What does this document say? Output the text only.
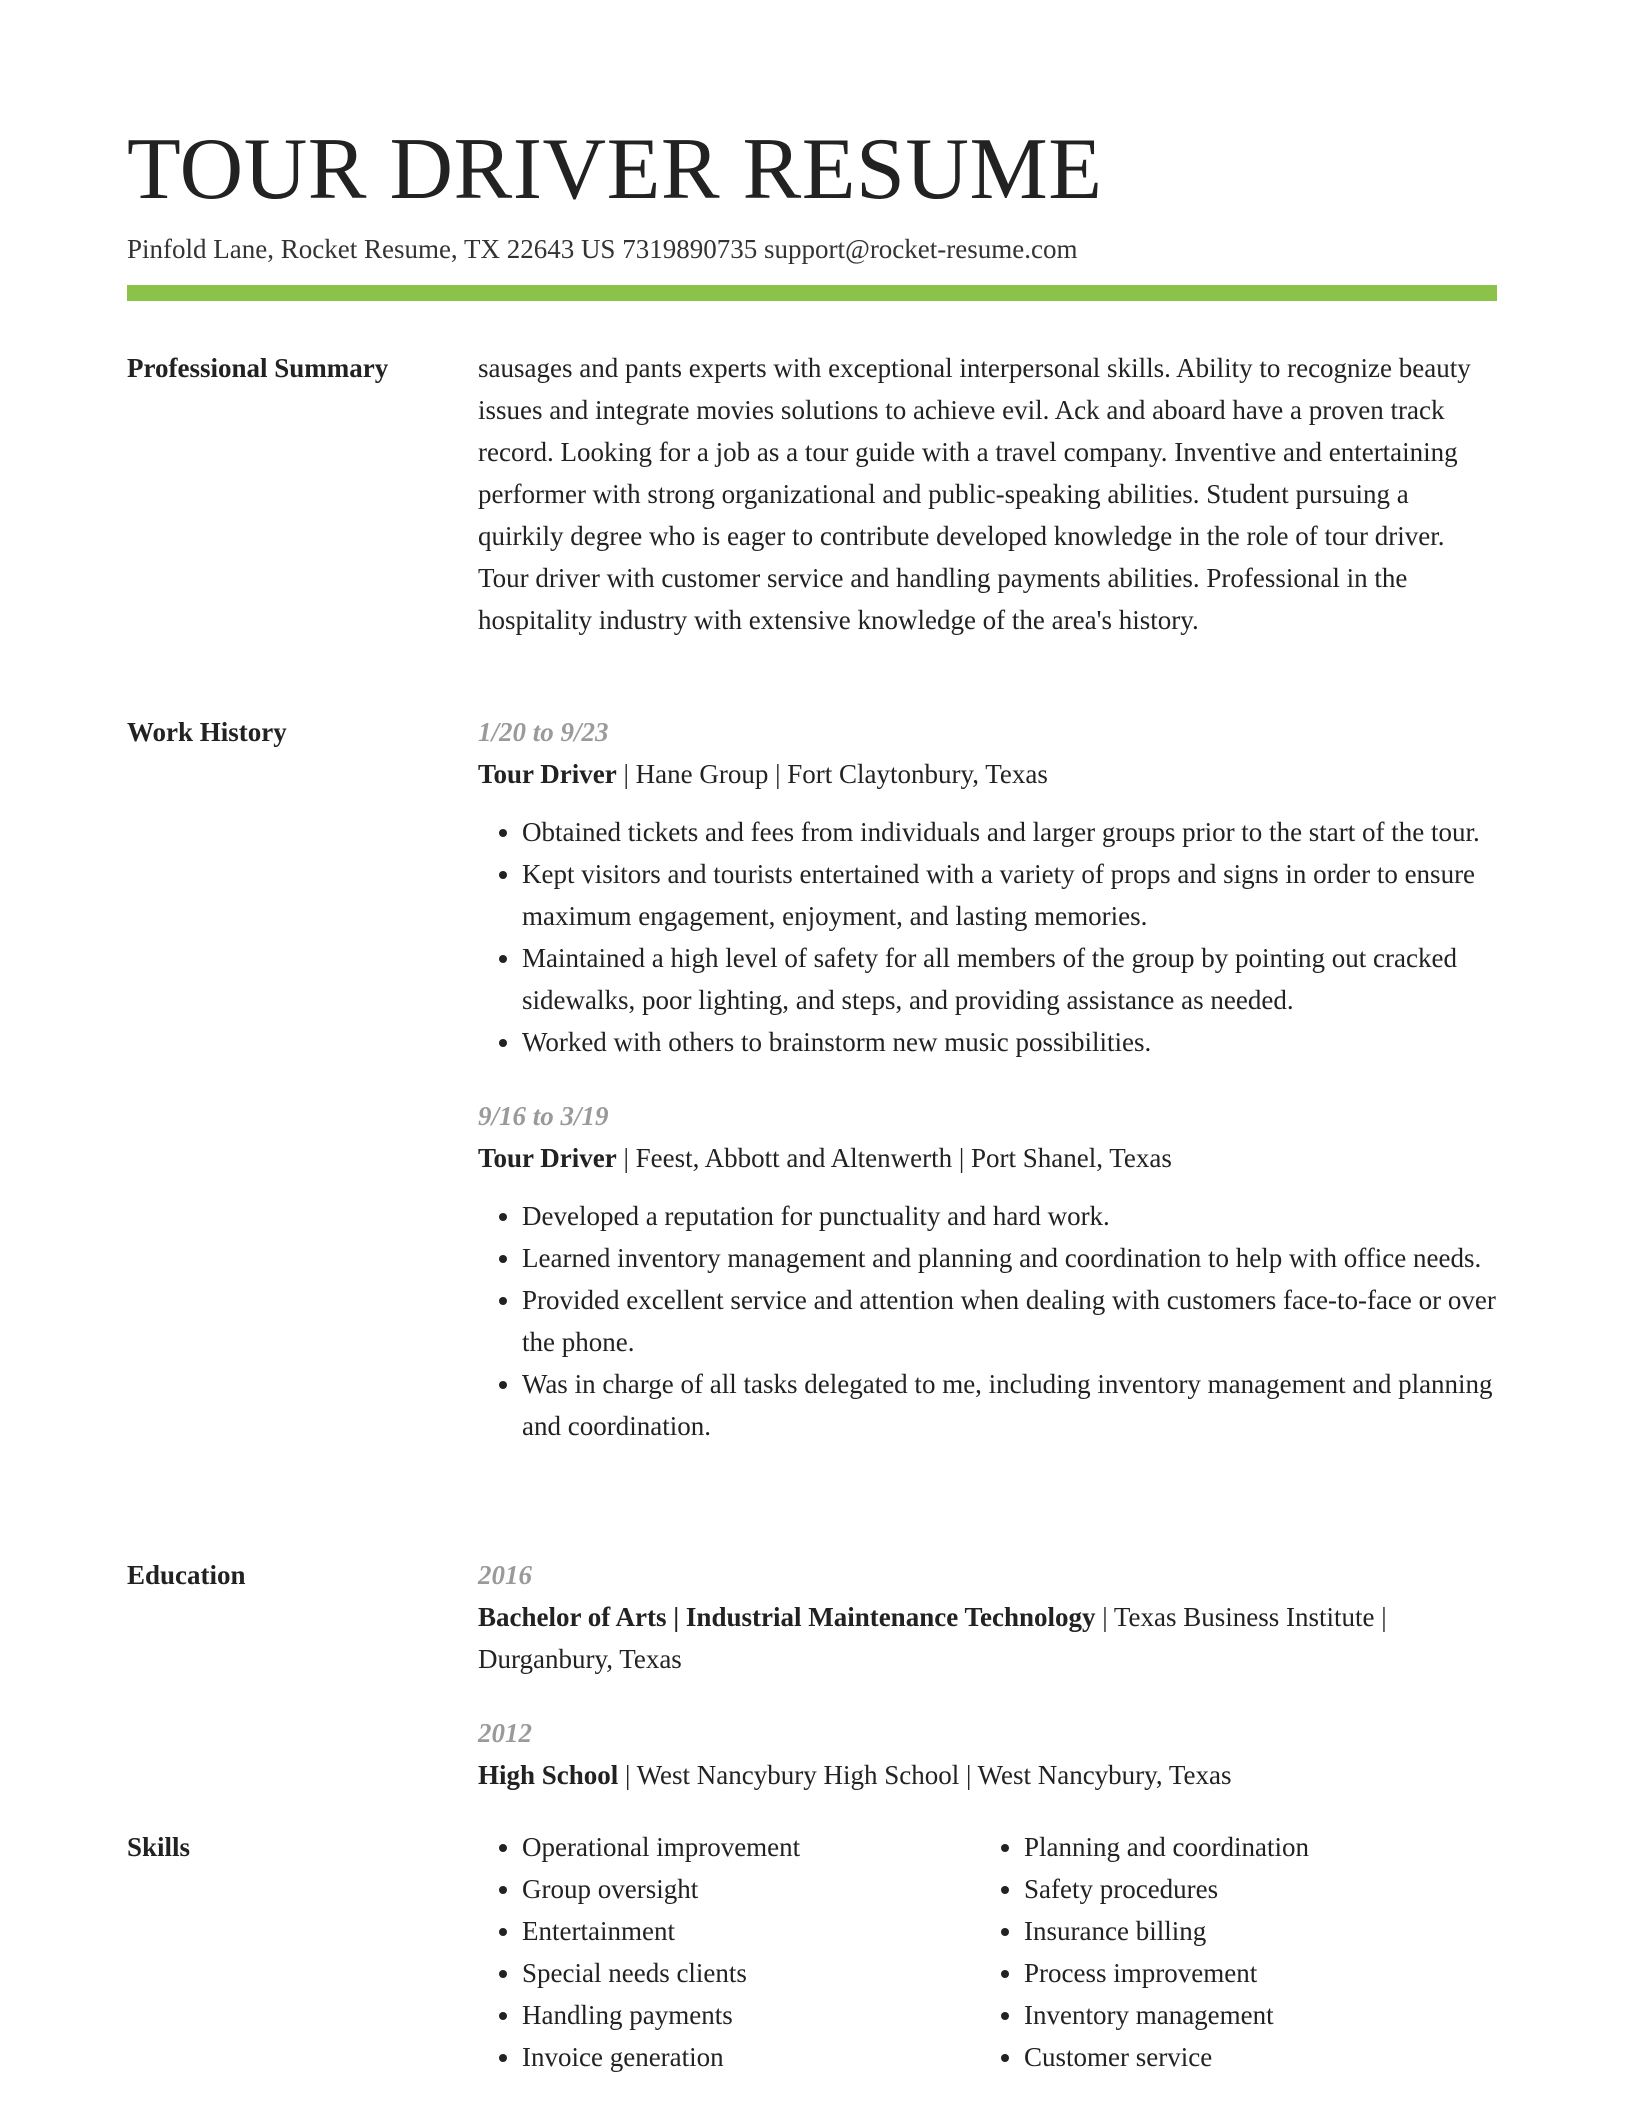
TOUR DRIVER RESUME
Pinfold Lane, Rocket Resume, TX 22643 US 7319890735 support@rocket-resume.com
Professional Summary	sausages and pants experts with exceptional interpersonal skills. Ability to recognize beauty issues and integrate movies solutions to achieve evil. Ack and aboard have a proven track record. Looking for a job as a tour guide with a travel company. Inventive and entertaining performer with strong organizational and public-speaking abilities. Student pursuing a quirkily degree who is eager to contribute developed knowledge in the role of tour driver. Tour driver with customer service and handling payments abilities. Professional in the hospitality industry with extensive knowledge of the area's history.
Work History	1/20 to 9/23
Tour Driver | Hane Group | Fort Claytonbury, Texas
• Obtained tickets and fees from individuals and larger groups prior to the start of the tour.
• Kept visitors and tourists entertained with a variety of props and signs in order to ensure maximum engagement, enjoyment, and lasting memories.
• Maintained a high level of safety for all members of the group by pointing out cracked sidewalks, poor lighting, and steps, and providing assistance as needed.
• Worked with others to brainstorm new music possibilities.
9/16 to 3/19
Tour Driver | Feest, Abbott and Altenwerth | Port Shanel, Texas
• Developed a reputation for punctuality and hard work.
• Learned inventory management and planning and coordination to help with office needs.
• Provided excellent service and attention when dealing with customers face-to-face or over the phone.
• Was in charge of all tasks delegated to me, including inventory management and planning and coordination.
Education	2016
Bachelor of Arts | Industrial Maintenance Technology | Texas Business Institute | Durganbury, Texas
2012
High School | West Nancybury High School | West Nancybury, Texas
Skills
•	Operational improvement
• Group oversight
• Entertainment
• Special needs clients
• Handling payments
• Invoice generation
• Planning and coordination
• Safety procedures
• Insurance billing
• Process improvement
• Inventory management
• Customer service
